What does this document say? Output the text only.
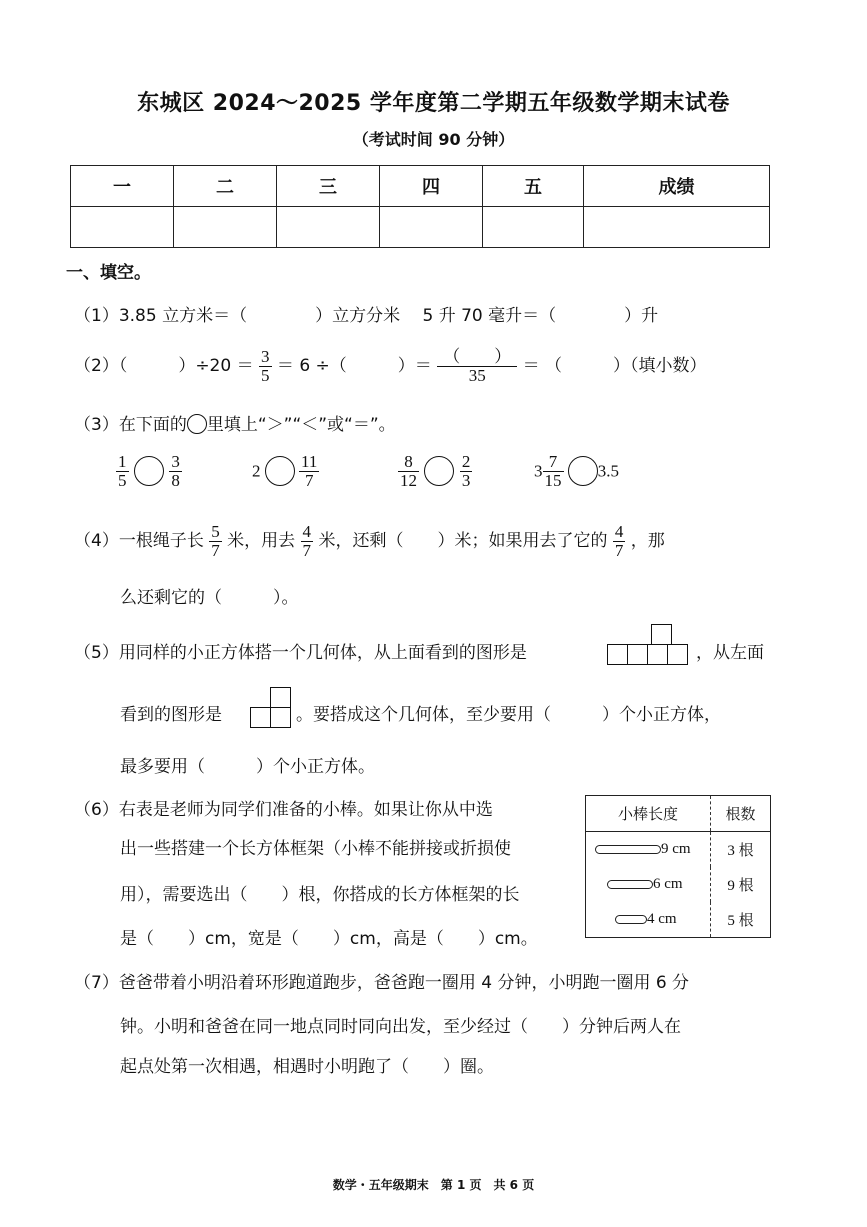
东城区 2024～2025 学年度第二学期五年级数学期末试卷
（考试时间 90 分钟）
一	二	三	四	五	成绩

一、填空。
（1）3.85 立方米＝（　　　　）立方分米　 5 升 70 毫升＝（　　　　）升
（2）（　　　）$\div 20 = \frac{3}{5} = 6$ ÷（　　　）＝ $\frac{( )}{35}$ ＝ （　　　）（填小数）
（3）在下面的 里填上“＞”“＜”或“＝”。
$\frac{1}{5}$
$\frac{3}{8}$	$2 \frac{11}{7}$	$\frac{8}{12}$
$\frac{2}{3}$	$3 \frac{7}{15} 3.5$
（4）一根绳子长 $\frac{5}{7}$ 米，用去 $\frac{4}{7}$ 米，还剩（　　）米；如果用去了它的 $\frac{4}{7}$ ，那
么还剩它的（　　　）。
（5）用同样的小正方体搭一个几何体，从上面看到的图形是	，从左面
看到的图形是	。要搭成这个几何体，至少要用（　　　）个小正方体，
最多要用（　　　）个小正方体。
（6）右表是老师为同学们准备的小棒。如果让你从中选
出一些搭建一个长方体框架（小棒不能拼接或折损使
用），需要选出（　　）根，你搭成的长方体框架的长
是（　　）cm，宽是（　　）cm，高是（　　）cm。
小棒长度	根数
9 cm	3 根
6 cm	9 根
4 cm	5 根
（7）爸爸带着小明沿着环形跑道跑步，爸爸跑一圈用 4 分钟，小明跑一圈用 6 分
钟。小明和爸爸在同一地点同时同向出发，至少经过（　　）分钟后两人在
起点处第一次相遇，相遇时小明跑了（　　）圈。
数学・五年级期末　第 1 页　共 6 页
